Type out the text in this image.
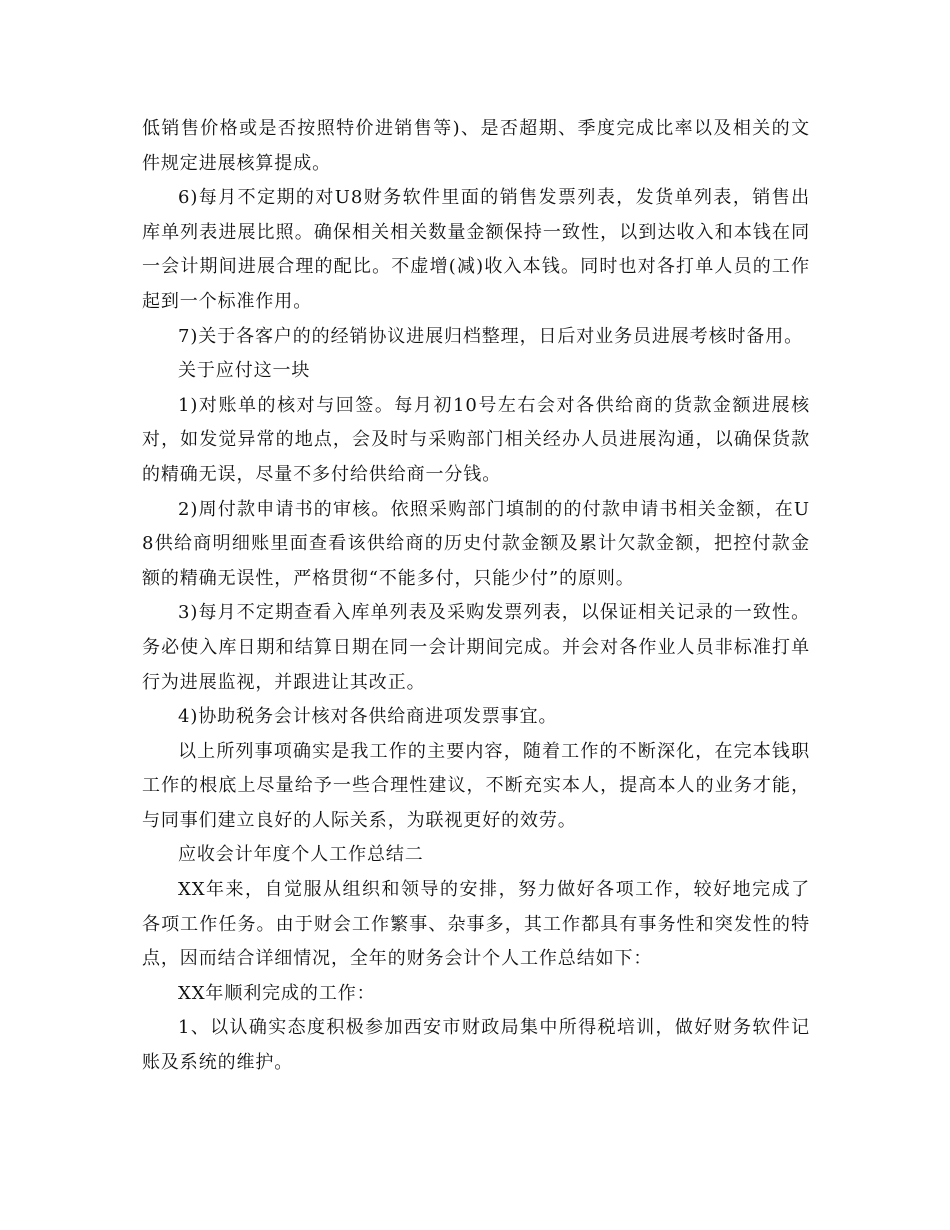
低销售价格或是否按照特价进销售等)、是否超期、季度完成比率以及相关的文件规定进展核算提成。

6)每月不定期的对U8财务软件里面的销售发票列表，发货单列表，销售出库单列表进展比照。确保相关相关数量金额保持一致性，以到达收入和本钱在同一会计期间进展合理的配比。不虚增(减)收入本钱。同时也对各打单人员的工作起到一个标准作用。

7)关于各客户的的经销协议进展归档整理，日后对业务员进展考核时备用。

关于应付这一块

1)对账单的核对与回签。每月初10号左右会对各供给商的货款金额进展核对，如发觉异常的地点，会及时与采购部门相关经办人员进展沟通，以确保货款的精确无误，尽量不多付给供给商一分钱。

2)周付款申请书的审核。依照采购部门填制的的付款申请书相关金额，在U8供给商明细账里面查看该供给商的历史付款金额及累计欠款金额，把控付款金额的精确无误性，严格贯彻“不能多付，只能少付”的原则。

3)每月不定期查看入库单列表及采购发票列表，以保证相关记录的一致性。务必使入库日期和结算日期在同一会计期间完成。并会对各作业人员非标准打单行为进展监视，并跟进让其改正。

4)协助税务会计核对各供给商进项发票事宜。

以上所列事项确实是我工作的主要内容，随着工作的不断深化，在完本钱职工作的根底上尽量给予一些合理性建议，不断充实本人，提高本人的业务才能，与同事们建立良好的人际关系，为联视更好的效劳。

应收会计年度个人工作总结二

XX年来，自觉服从组织和领导的安排，努力做好各项工作，较好地完成了各项工作任务。由于财会工作繁事、杂事多，其工作都具有事务性和突发性的特点，因而结合详细情况，全年的财务会计个人工作总结如下：

XX年顺利完成的工作：

1、以认确实态度积极参加西安市财政局集中所得税培训，做好财务软件记账及系统的维护。
